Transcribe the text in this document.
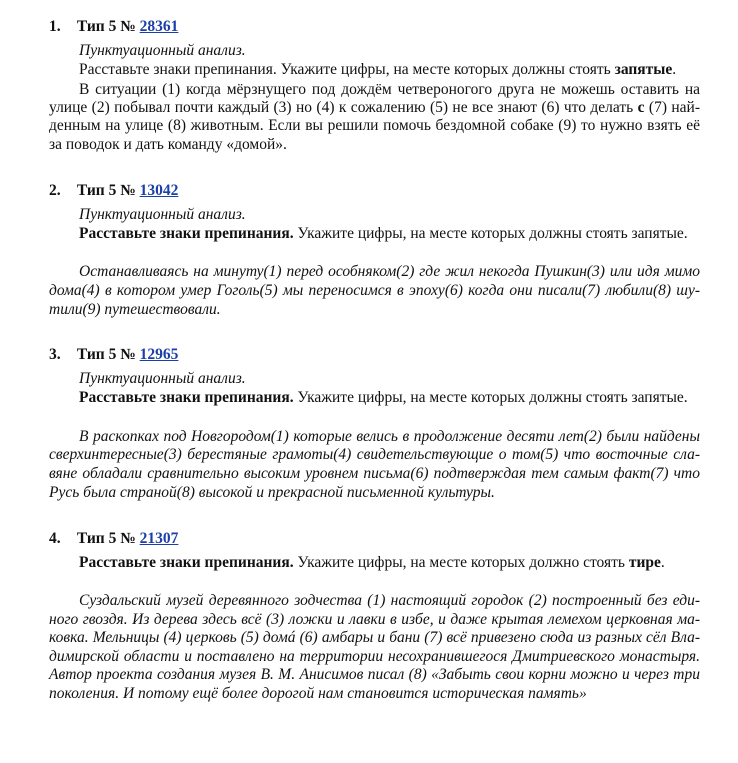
1. Тип 5 № 28361
Пунктуационный анализ.
Расставьте знаки препинания. Укажите цифры, на месте которых должны стоять запятые.
В ситуации (1) когда мёрзнущего под дождём четвероногого друга не можешь оставить на
улице (2) побывал почти каждый (3) но (4) к сожалению (5) не все знают (6) что делать с (7) най-
денным на улице (8) животным. Если вы решили помочь бездомной собаке (9) то нужно взять её
за поводок и дать команду «домой».
2. Тип 5 № 13042
Пунктуационный анализ.
Расставьте знаки препинания. Укажите цифры, на месте которых должны стоять запятые.
Останавливаясь на минуту(1) перед особняком(2) где жил некогда Пушкин(3) или идя мимо
дома(4) в котором умер Гоголь(5) мы переносимся в эпоху(6) когда они писали(7) любили(8) шу-
тили(9) путешествовали.
3. Тип 5 № 12965
Пунктуационный анализ.
Расставьте знаки препинания. Укажите цифры, на месте которых должны стоять запятые.
В раскопках под Новгородом(1) которые велись в продолжение десяти лет(2) были найдены
сверхинтересные(3) берестяные грамоты(4) свидетельствующие о том(5) что восточные сла-
вяне обладали сравнительно высоким уровнем письма(6) подтверждая тем самым факт(7) что
Русь была страной(8) высокой и прекрасной письменной культуры.
4. Тип 5 № 21307
Расставьте знаки препинания. Укажите цифры, на месте которых должно стоять тире.
Суздальский музей деревянного зодчества (1) настоящий городок (2) построенный без еди-
ного гвоздя. Из дерева здесь всё (3) ложки и лавки в избе, и даже крытая лемехом церковная ма-
ковка. Мельницы (4) церковь (5) домá (6) амбары и бани (7) всё привезено сюда из разных сёл Вла-
димирской области и поставлено на территории несохранившегося Дмитриевского монастыря.
Автор проекта создания музея В. М. Анисимов писал (8) «Забыть свои корни можно и через три
поколения. И потому ещё более дорогой нам становится историческая память»
